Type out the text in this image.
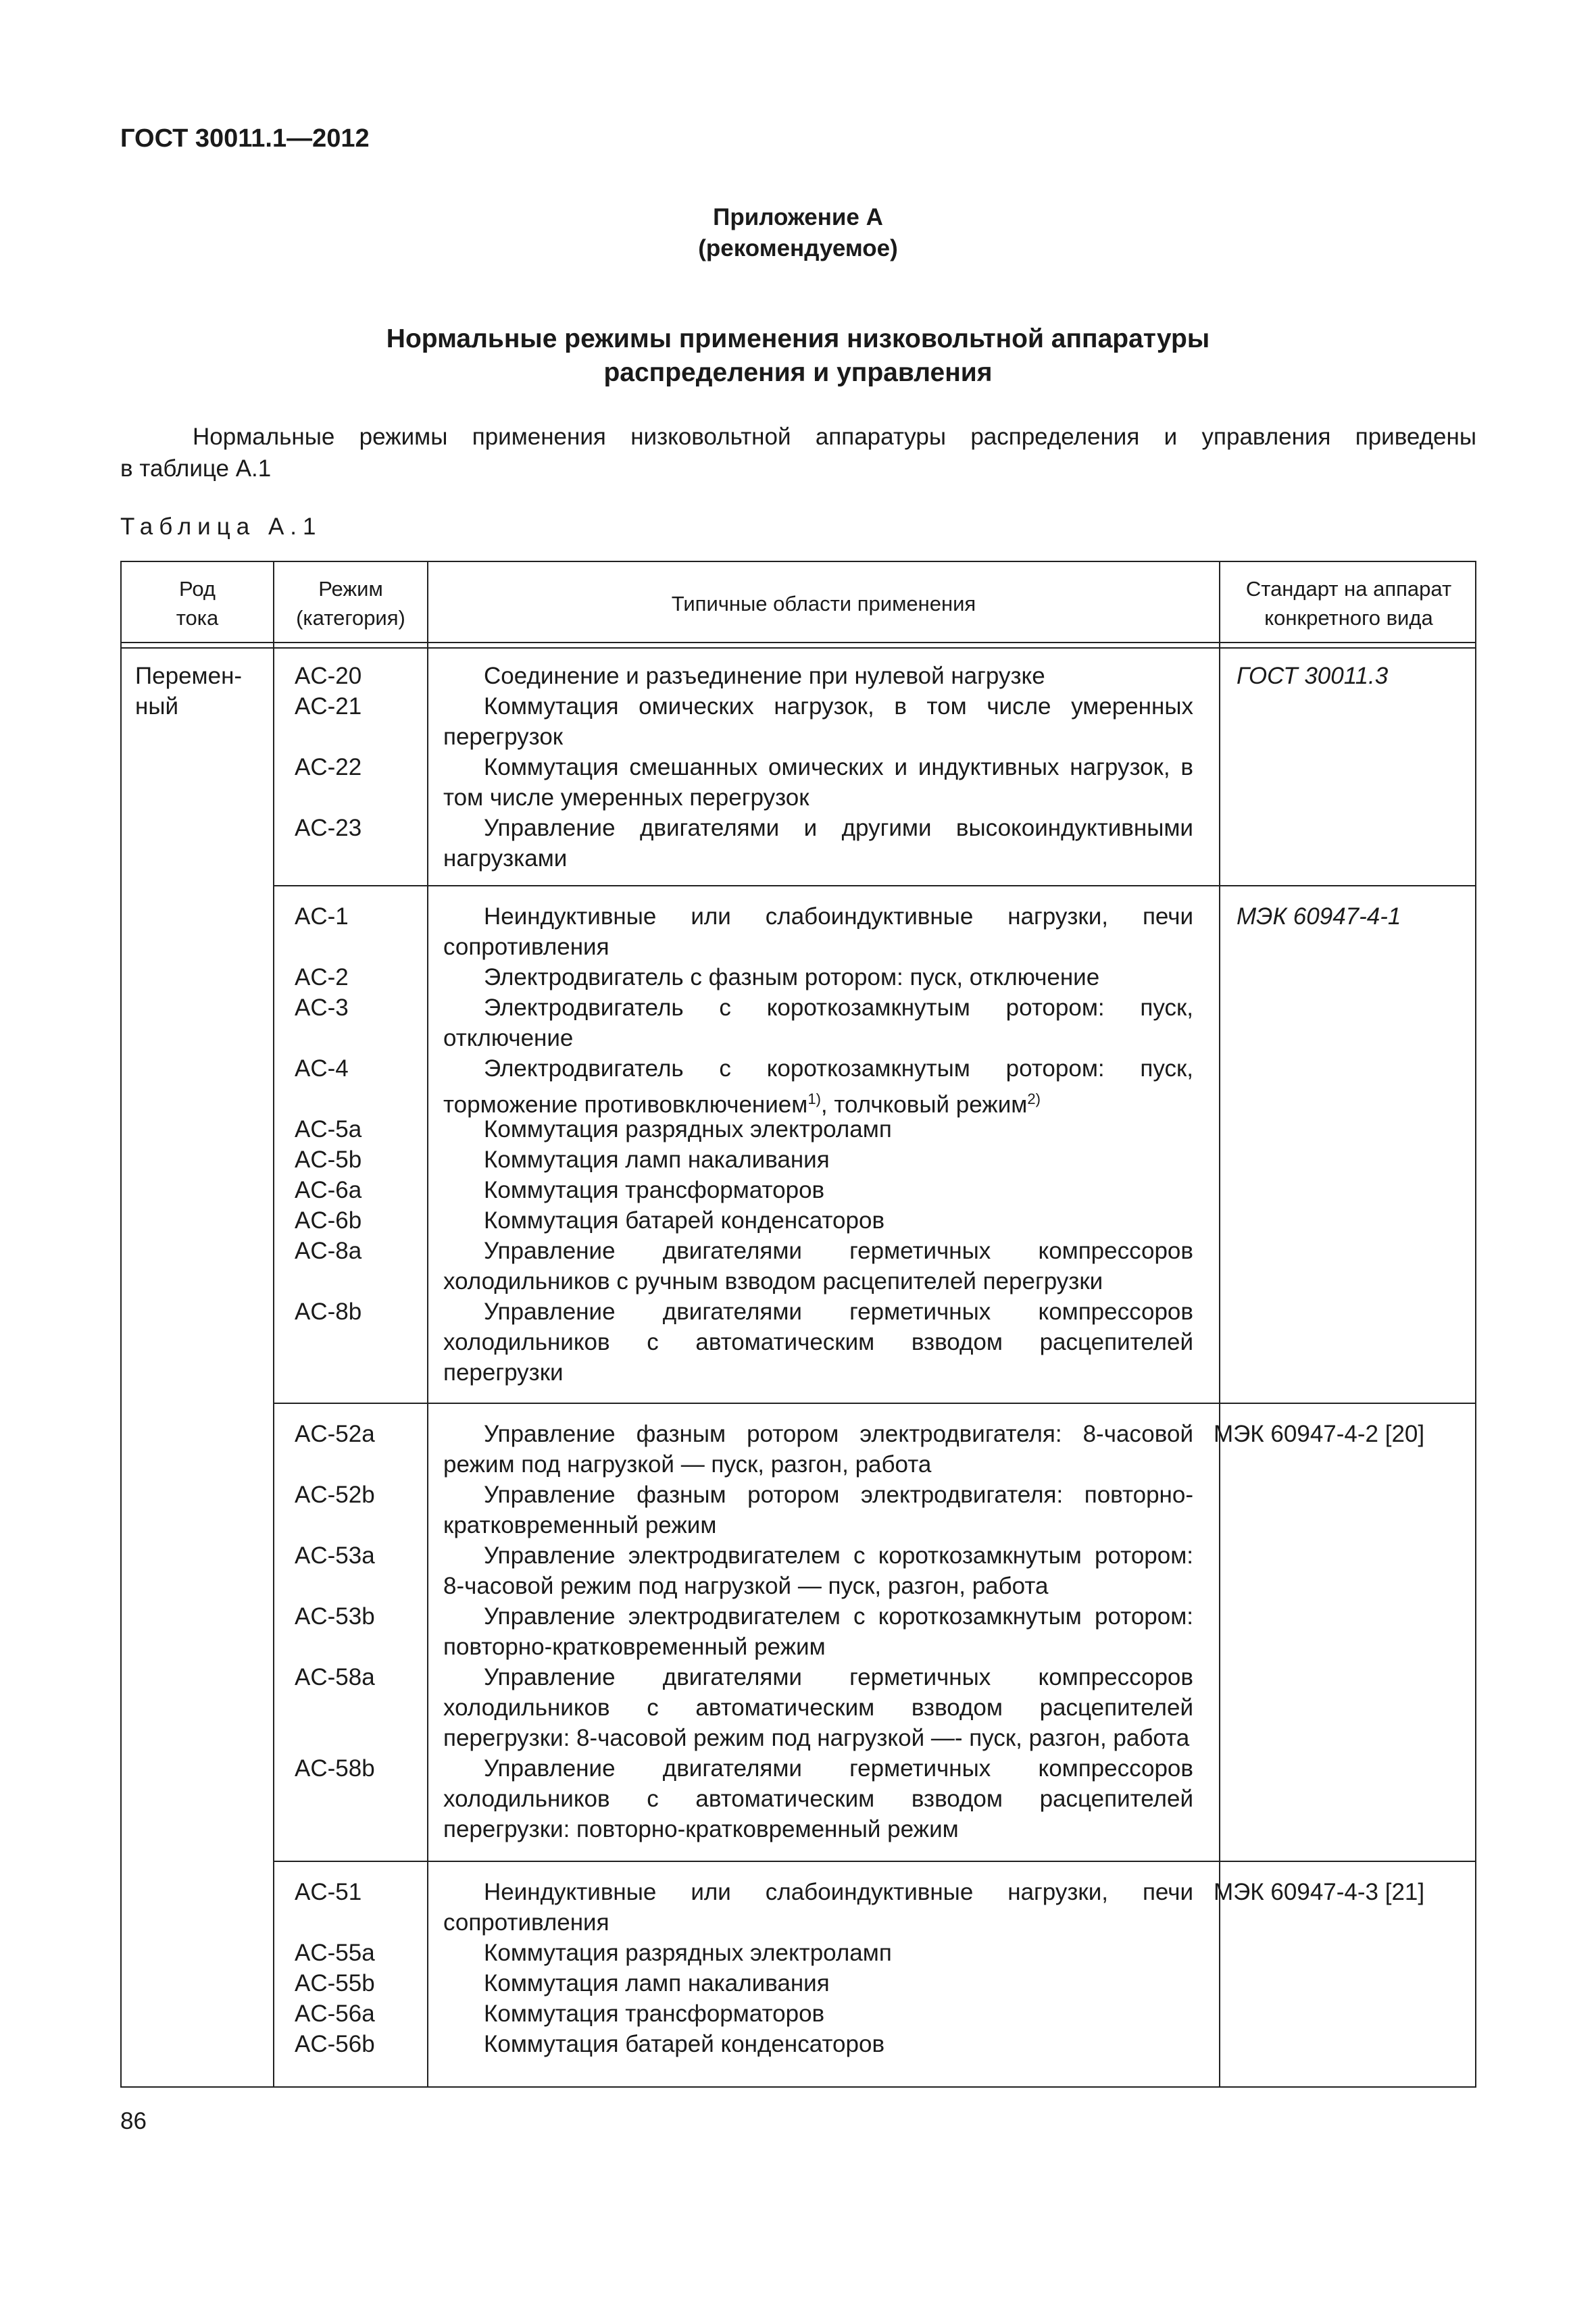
ГОСТ 30011.1—2012
Приложение А
(рекомендуемое)
Нормальные режимы применения низковольтной аппаратуры
распределения и управления
Нормальные режимы применения низковольтной аппаратуры распределения и управления приведены
в таблице А.1
Таблица А.1
Род
тока
Режим
(категория)
Типичные области применения
Стандарт на аппарат
конкретного вида
Перемен-
ный
AC-20
AC-21
AC-22
AC-23

Соединение и разъединение при нулевой нагрузке

Коммутация омических нагрузок, в том числе умеренных перегрузок

Коммутация смешанных омических и индуктивных нагрузок, в том числе умеренных перегрузок

Управление двигателями и другими высокоиндуктивными нагрузками

ГОСТ 30011.3
AC-1
AC-2
AC-3
AC-4
AC-5a
AC-5b
AC-6a
AC-6b
AC-8a
AC-8b

Неиндуктивные или слабоиндуктивные нагрузки, печи сопротивления

Электродвигатель с фазным ротором: пуск, отключение

Электродвигатель с короткозамкнутым ротором: пуск, отключение

Электродвигатель с короткозамкнутым ротором: пуск, торможение противовключением$^{1)}$, толчковый режим$^{2)}$

Коммутация разрядных электроламп

Коммутация ламп накаливания

Коммутация трансформаторов

Коммутация батарей конденсаторов

Управление двигателями герметичных компрессоров холодильников с ручным взводом расцепителей перегрузки

Управление двигателями герметичных компрессоров холодильников с автоматическим взводом расцепителей перегрузки

МЭК 60947-4-1
AC-52a
AC-52b
AC-53a
AC-53b
AC-58a
AC-58b

Управление фазным ротором электродвигателя: 8-часовой режим под нагрузкой — пуск, разгон, работа

Управление фазным ротором электродвигателя: повторно-кратковременный режим

Управление электродвигателем с короткозамкнутым ротором: 8-часовой режим под нагрузкой — пуск, разгон, работа

Управление электродвигателем с короткозамкнутым ротором: повторно-кратковременный режим

Управление двигателями герметичных компрессоров холодильников с автоматическим взводом расцепителей перегрузки: 8-часовой режим под нагрузкой —- пуск, разгон, работа

Управление двигателями герметичных компрессоров холодильников с автоматическим взводом расцепителей перегрузки: повторно-кратковременный режим

МЭК 60947-4-2 [20]
AC-51
AC-55a
AC-55b
AC-56a
AC-56b

Неиндуктивные или слабоиндуктивные нагрузки, печи сопротивления

Коммутация разрядных электроламп

Коммутация ламп накаливания

Коммутация трансформаторов

Коммутация батарей конденсаторов

МЭК 60947-4-3 [21]
86
